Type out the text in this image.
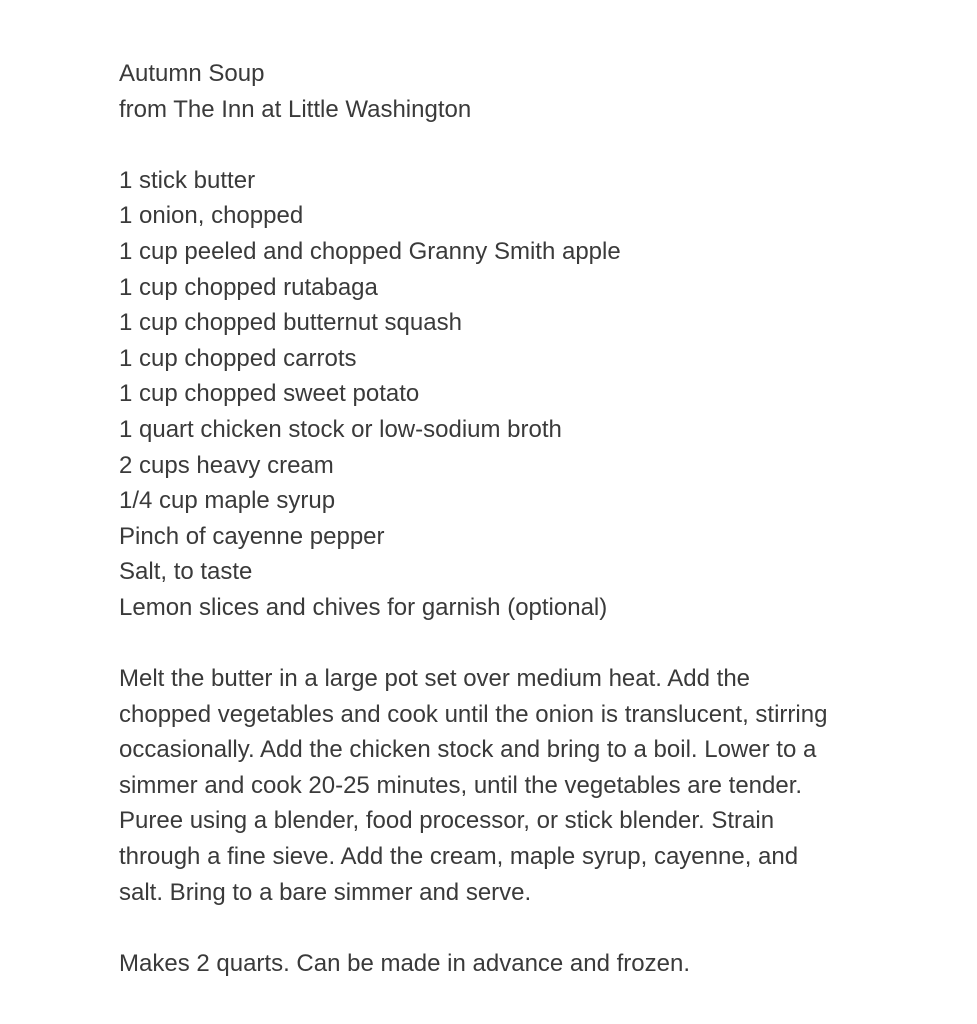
Autumn Soup

from The Inn at Little Washington

1 stick butter

1 onion, chopped

1 cup peeled and chopped Granny Smith apple

1 cup chopped rutabaga

1 cup chopped butternut squash

1 cup chopped carrots

1 cup chopped sweet potato

1 quart chicken stock or low-sodium broth

2 cups heavy cream

1/4 cup maple syrup

Pinch of cayenne pepper

Salt, to taste

Lemon slices and chives for garnish (optional)

Melt the butter in a large pot set over medium heat. Add the

chopped vegetables and cook until the onion is translucent, stirring

occasionally. Add the chicken stock and bring to a boil. Lower to a

simmer and cook 20-25 minutes, until the vegetables are tender.

Puree using a blender, food processor, or stick blender. Strain

through a fine sieve. Add the cream, maple syrup, cayenne, and

salt. Bring to a bare simmer and serve.

Makes 2 quarts. Can be made in advance and frozen.
